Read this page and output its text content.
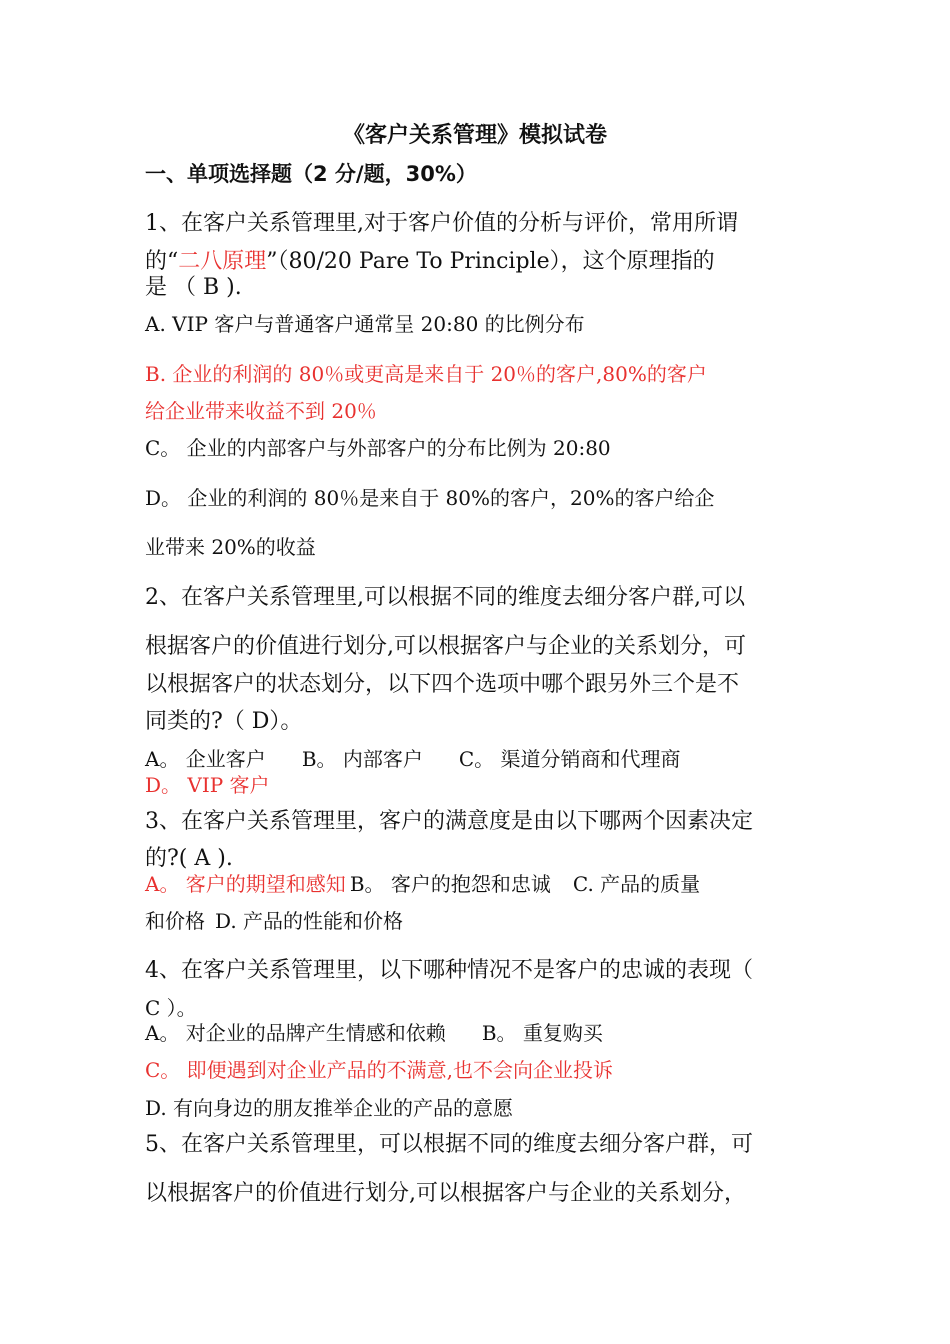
《客户关系管理》模拟试卷
一、单项选择题（2 分/题，30%）
1、在客户关系管理里,对于客户价值的分析与评价，常用所谓
的“二八原理”（80/20 Pare To Principle），这个原理指的
是 （ B ).
A. VIP 客户与普通客户通常呈 20:80 的比例分布
B. 企业的利润的 80％或更高是来自于 20％的客户,80%的客户
给企业带来收益不到 20％
C。 企业的内部客户与外部客户的分布比例为 20:80
D。 企业的利润的 80％是来自于 80%的客户，20%的客户给企
业带来 20%的收益
2、在客户关系管理里,可以根据不同的维度去细分客户群,可以
根据客户的价值进行划分,可以根据客户与企业的关系划分，可
以根据客户的状态划分，以下四个选项中哪个跟另外三个是不
同类的?（ D）。
A。 企业客户 B。 内部客户 C。 渠道分销商和代理商
D。 VIP 客户
3、在客户关系管理里，客户的满意度是由以下哪两个因素决定
的?( A ).
A。 客户的期望和感知 B。 客户的抱怨和忠诚 C. 产品的质量
和价格 D. 产品的性能和价格
4、在客户关系管理里，以下哪种情况不是客户的忠诚的表现（
C ）。
A。 对企业的品牌产生情感和依赖 B。 重复购买
C。 即便遇到对企业产品的不满意,也不会向企业投诉
D. 有向身边的朋友推举企业的产品的意愿
5、在客户关系管理里，可以根据不同的维度去细分客户群，可
以根据客户的价值进行划分,可以根据客户与企业的关系划分，
